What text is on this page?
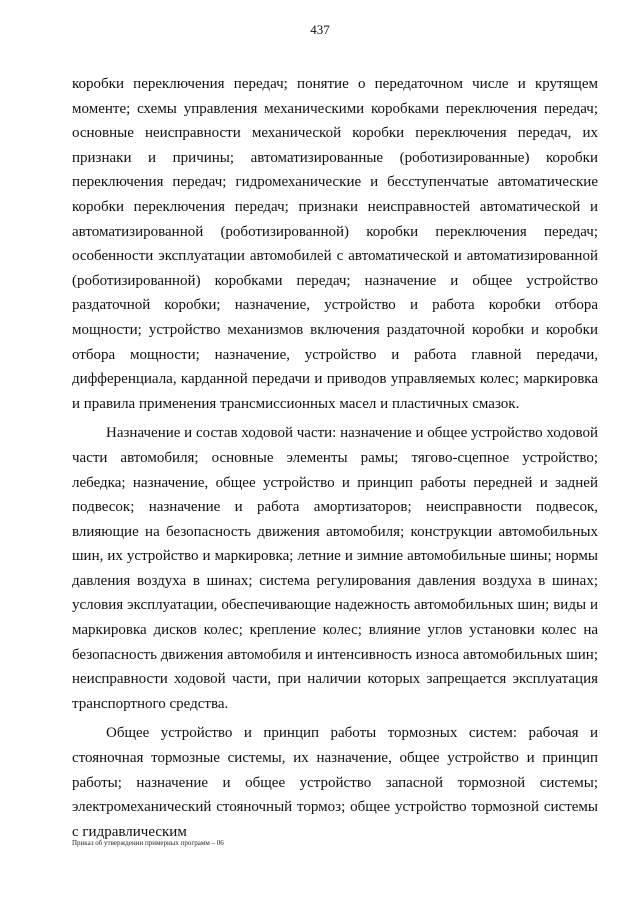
437

коробки переключения передач; понятие о передаточном числе и крутящем моменте; схемы управления механическими коробками переключения передач; основные неисправности механической коробки переключения передач, их признаки и причины; автоматизированные (роботизированные) коробки переключения передач; гидромеханические и бесступенчатые автоматические коробки переключения передач; признаки неисправностей автоматической и автоматизированной (роботизированной) коробки переключения передач; особенности эксплуатации автомобилей с автоматической и автоматизированной (роботизированной) коробками передач; назначение и общее устройство раздаточной коробки; назначение, устройство и работа коробки отбора мощности; устройство механизмов включения раздаточной коробки и коробки отбора мощности; назначение, устройство и работа главной передачи, дифференциала, карданной передачи и приводов управляемых колес; маркировка и правила применения трансмиссионных масел и пластичных смазок.

Назначение и состав ходовой части: назначение и общее устройство ходовой части автомобиля; основные элементы рамы; тягово-сцепное устройство; лебедка; назначение, общее устройство и принцип работы передней и задней подвесок; назначение и работа амортизаторов; неисправности подвесок, влияющие на безопасность движения автомобиля; конструкции автомобильных шин, их устройство и маркировка; летние и зимние автомобильные шины; нормы давления воздуха в шинах; система регулирования давления воздуха в шинах; условия эксплуатации, обеспечивающие надежность автомобильных шин; виды и маркировка дисков колес; крепление колес; влияние углов установки колес на безопасность движения автомобиля и интенсивность износа автомобильных шин; неисправности ходовой части, при наличии которых запрещается эксплуатация транспортного средства.

Общее устройство и принцип работы тормозных систем: рабочая и стояночная тормозные системы, их назначение, общее устройство и принцип работы; назначение и общее устройство запасной тормозной системы; электромеханический стояночный тормоз; общее устройство тормозной системы с гидравлическим

Приказ об утверждении примерных программ – 06
